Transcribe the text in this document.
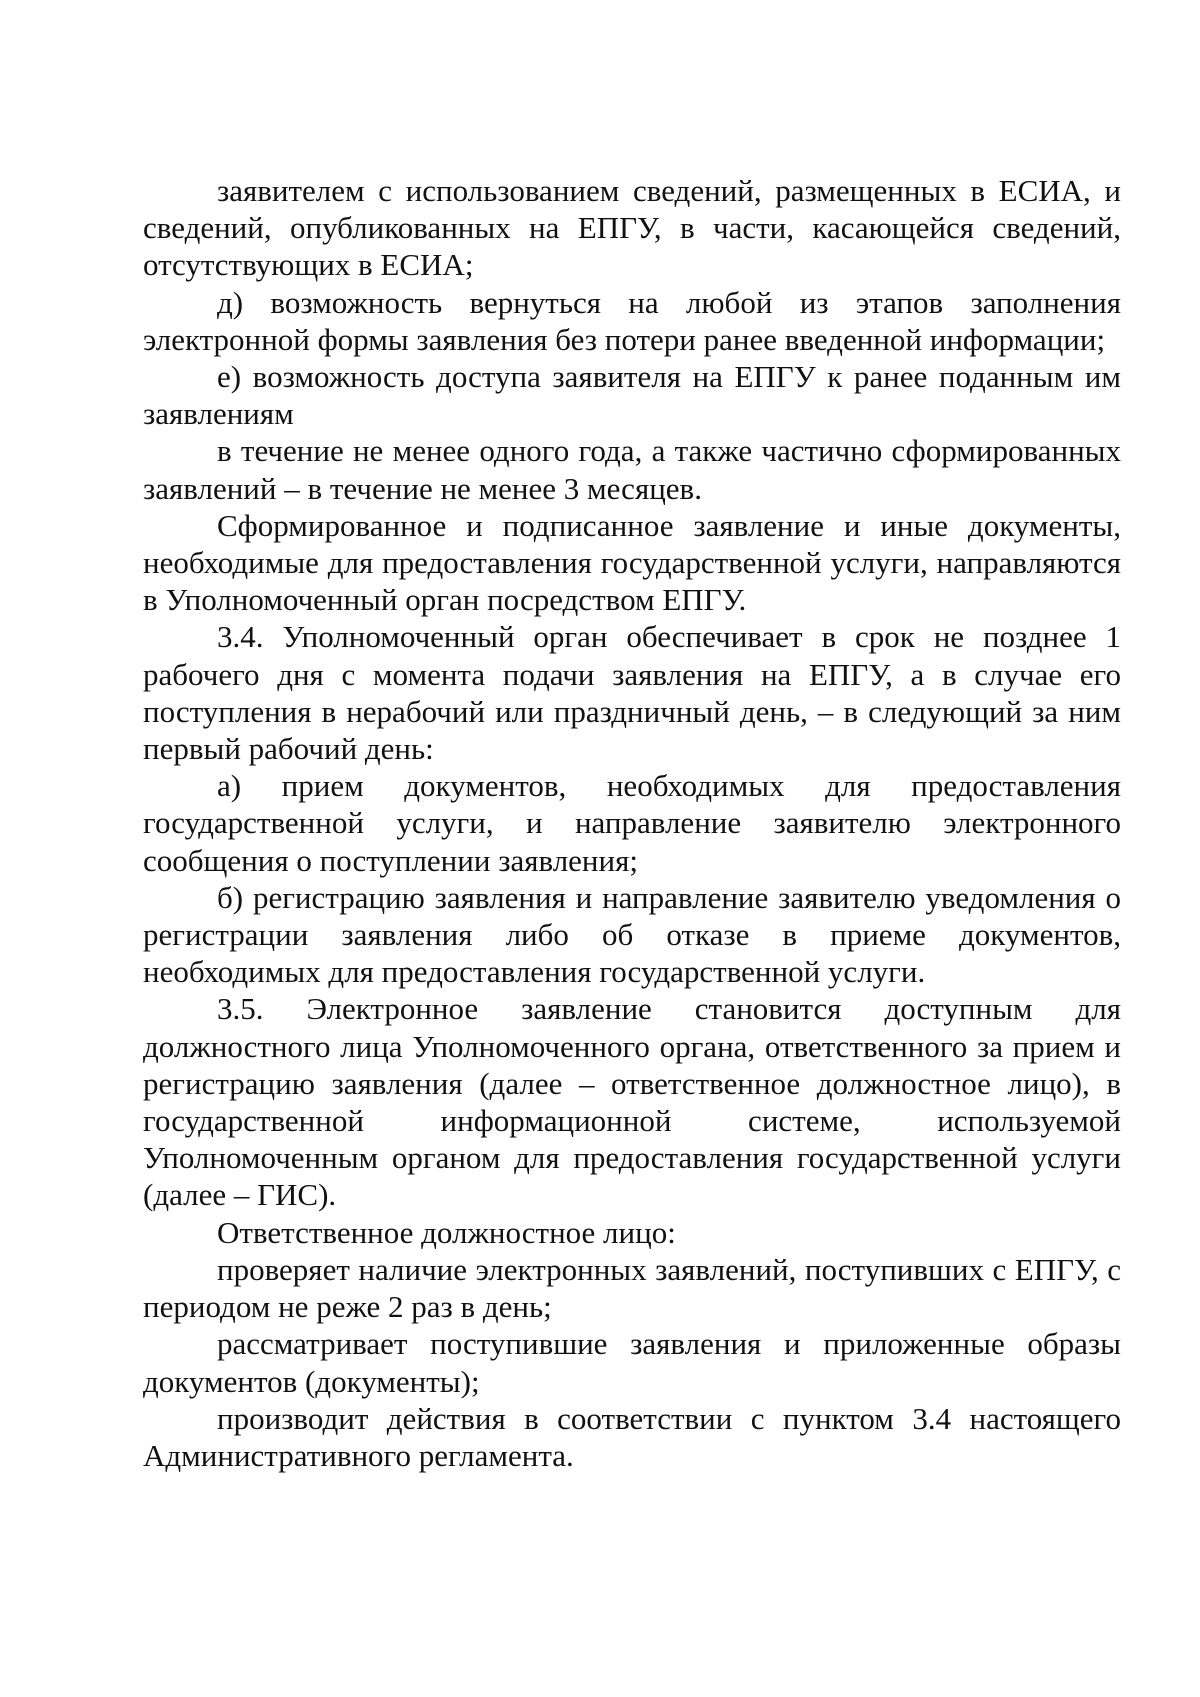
заявителем с использованием сведений, размещенных в ЕСИА, и сведений, опубликованных на ЕПГУ, в части, касающейся сведений, отсутствующих в ЕСИА;

д) возможность вернуться на любой из этапов заполнения электронной формы заявления без потери ранее введенной информации;

е) возможность доступа заявителя на ЕПГУ к ранее поданным им заявлениям

в течение не менее одного года, а также частично сформированных заявлений – в течение не менее 3 месяцев.

Сформированное и подписанное заявление и иные документы, необходимые для предоставления государственной услуги, направляются в Уполномоченный орган посредством ЕПГУ.

3.4. Уполномоченный орган обеспечивает в срок не позднее 1 рабочего дня с момента подачи заявления на ЕПГУ, а в случае его поступления в нерабочий или праздничный день, – в следующий за ним первый рабочий день:

а) прием документов, необходимых для предоставления государственной услуги, и направление заявителю электронного сообщения о поступлении заявления;

б) регистрацию заявления и направление заявителю уведомления о регистрации заявления либо об отказе в приеме документов, необходимых для предоставления государственной услуги.

3.5. Электронное заявление становится доступным для должностного лица Уполномоченного органа, ответственного за прием и регистрацию заявления (далее – ответственное должностное лицо), в государственной информационной системе, используемой Уполномоченным органом для предоставления государственной услуги (далее – ГИС).

Ответственное должностное лицо:

проверяет наличие электронных заявлений, поступивших с ЕПГУ, с периодом не реже 2 раз в день;

рассматривает поступившие заявления и приложенные образы документов (документы);

производит действия в соответствии с пунктом 3.4 настоящего Административного регламента.
